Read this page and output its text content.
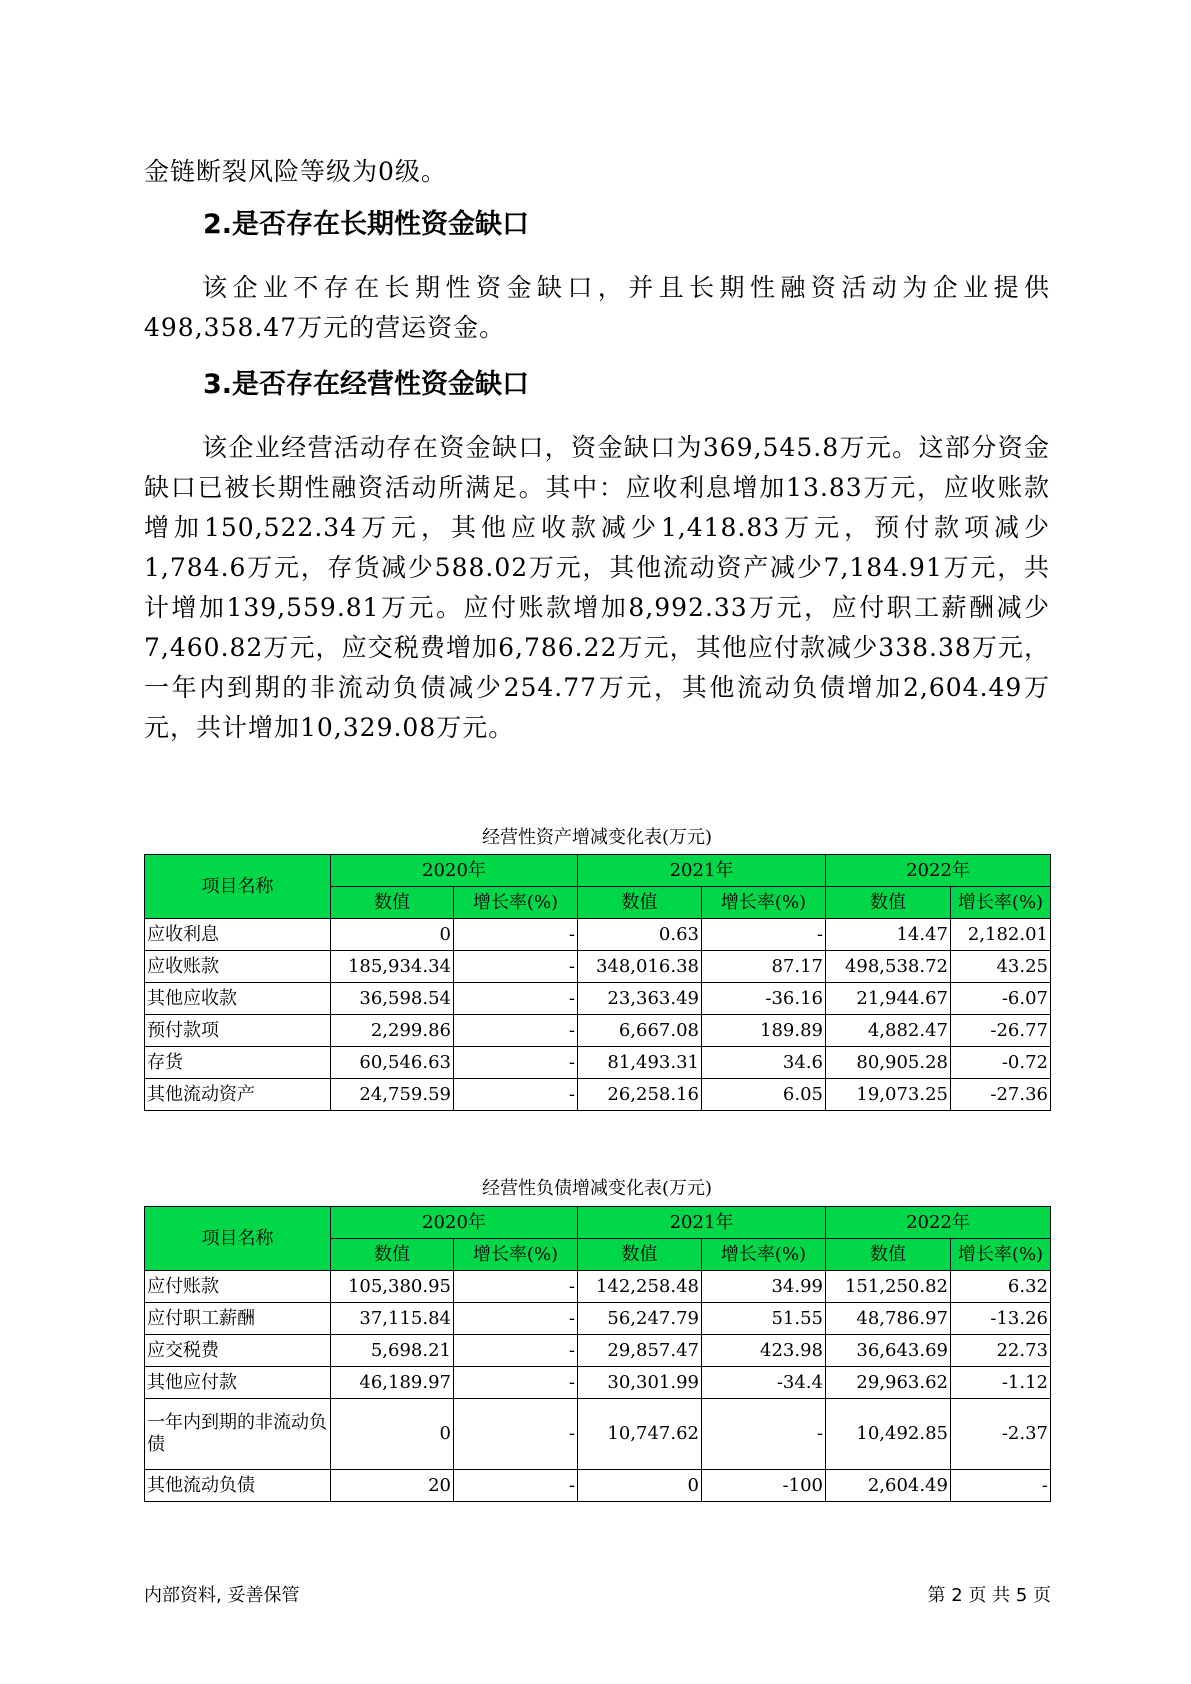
金链断裂风险等级为0级。
2.是否存在长期性资金缺口
该企业不存在长期性资金缺口，并且长期性融资活动为企业提供498,358.47万元的营运资金。
3.是否存在经营性资金缺口
该企业经营活动存在资金缺口，资金缺口为369,545.8万元。这部分资金缺口已被长期性融资活动所满足。其中：应收利息增加13.83万元，应收账款增加150,522.34万元，其他应收款减少1,418.83万元，预付款项减少1,784.6万元，存货减少588.02万元，其他流动资产减少7,184.91万元，共计增加139,559.81万元。应付账款增加8,992.33万元，应付职工薪酬减少7,460.82万元，应交税费增加6,786.22万元，其他应付款减少338.38万元，一年内到期的非流动负债减少254.77万元，其他流动负债增加2,604.49万元，共计增加10,329.08万元。
经营性资产增减变化表(万元)
项目名称	2020年		2021年		2022年	
	数值	增长率(%)	数值	增长率(%)	数值	增长率(%)
应收利息	0	-	0.63	-	14.47	2,182.01
应收账款	185,934.34	-	348,016.38	87.17	498,538.72	43.25
其他应收款	36,598.54	-	23,363.49	-36.16	21,944.67	-6.07
预付款项	2,299.86	-	6,667.08	189.89	4,882.47	-26.77
存货	60,546.63	-	81,493.31	34.6	80,905.28	-0.72
其他流动资产	24,759.59	-	26,258.16	6.05	19,073.25	-27.36
经营性负债增减变化表(万元)
项目名称	2020年		2021年		2022年	
	数值	增长率(%)	数值	增长率(%)	数值	增长率(%)
应付账款	105,380.95	-	142,258.48	34.99	151,250.82	6.32
应付职工薪酬	37,115.84	-	56,247.79	51.55	48,786.97	-13.26
应交税费	5,698.21	-	29,857.47	423.98	36,643.69	22.73
其他应付款	46,189.97	-	30,301.99	-34.4	29,963.62	-1.12
一年内到期的非流动负债	0	-	10,747.62	-	10,492.85	-2.37
其他流动负债	20	-	0	-100	2,604.49	-
内部资料, 妥善保管	第 2 页 共 5 页
